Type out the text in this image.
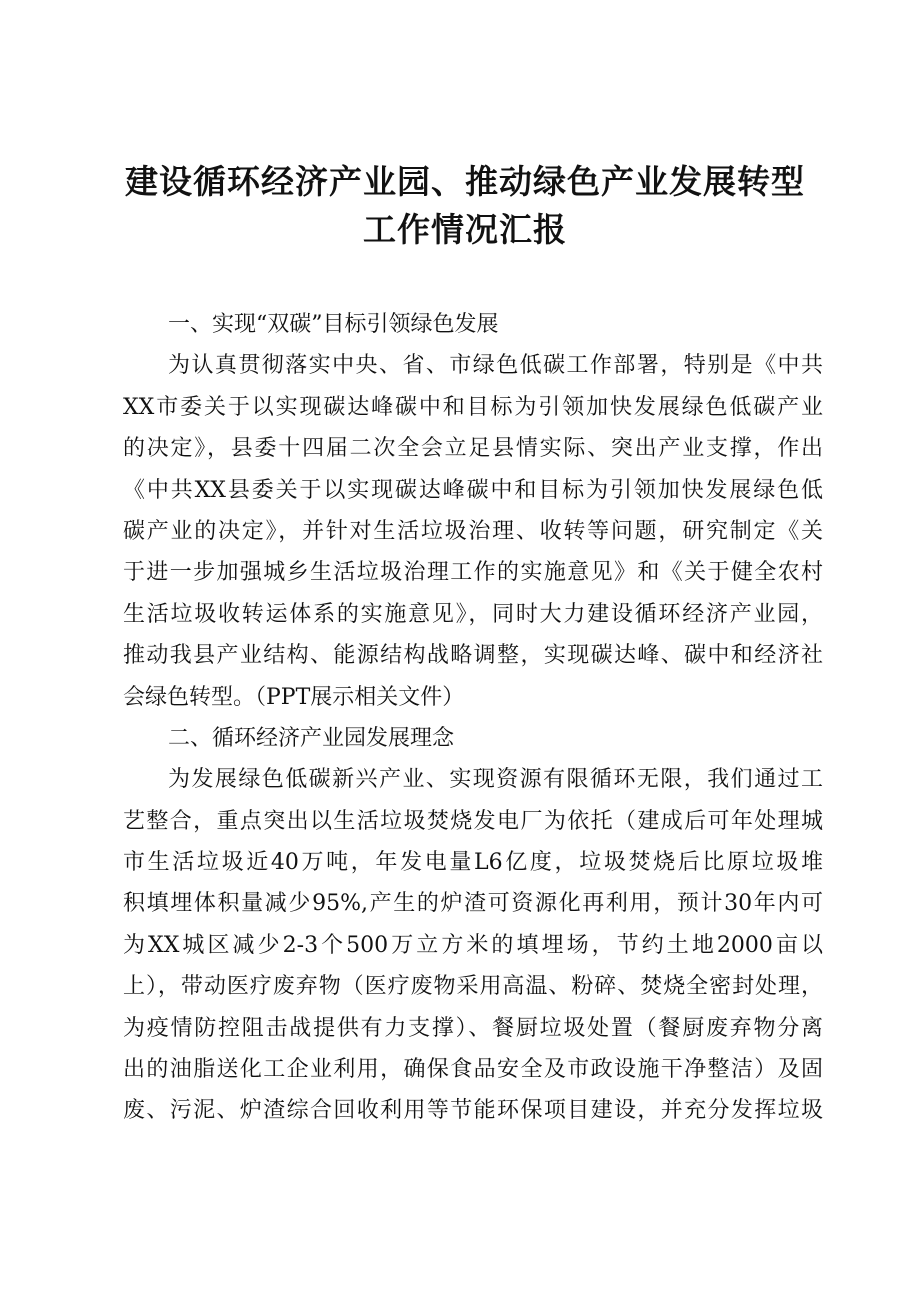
建设循环经济产业园、推动绿色产业发展转型
工作情况汇报
一、实现“双碳”目标引领绿色发展
为认真贯彻落实中央、省、市绿色低碳工作部署，特别是《中共
XX市委关于以实现碳达峰碳中和目标为引领加快发展绿色低碳产业
的决定》，县委十四届二次全会立足县情实际、突出产业支撑，作出
《中共XX县委关于以实现碳达峰碳中和目标为引领加快发展绿色低
碳产业的决定》，并针对生活垃圾治理、收转等问题，研究制定《关
于进一步加强城乡生活垃圾治理工作的实施意见》和《关于健全农村
生活垃圾收转运体系的实施意见》，同时大力建设循环经济产业园，
推动我县产业结构、能源结构战略调整，实现碳达峰、碳中和经济社
会绿色转型。（PPT展示相关文件）
二、循环经济产业园发展理念
为发展绿色低碳新兴产业、实现资源有限循环无限，我们通过工
艺整合，重点突出以生活垃圾焚烧发电厂为依托（建成后可年处理城
市生活垃圾近40万吨，年发电量L6亿度，垃圾焚烧后比原垃圾堆
积填埋体积量减少95%,产生的炉渣可资源化再利用，预计30年内可
为XX城区减少2-3个500万立方米的填埋场，节约土地2000亩以
上），带动医疗废弃物（医疗废物采用高温、粉碎、焚烧全密封处理，
为疫情防控阻击战提供有力支撑）、餐厨垃圾处置（餐厨废弃物分离
出的油脂送化工企业利用，确保食品安全及市政设施干净整洁）及固
废、污泥、炉渣综合回收利用等节能环保项目建设，并充分发挥垃圾
